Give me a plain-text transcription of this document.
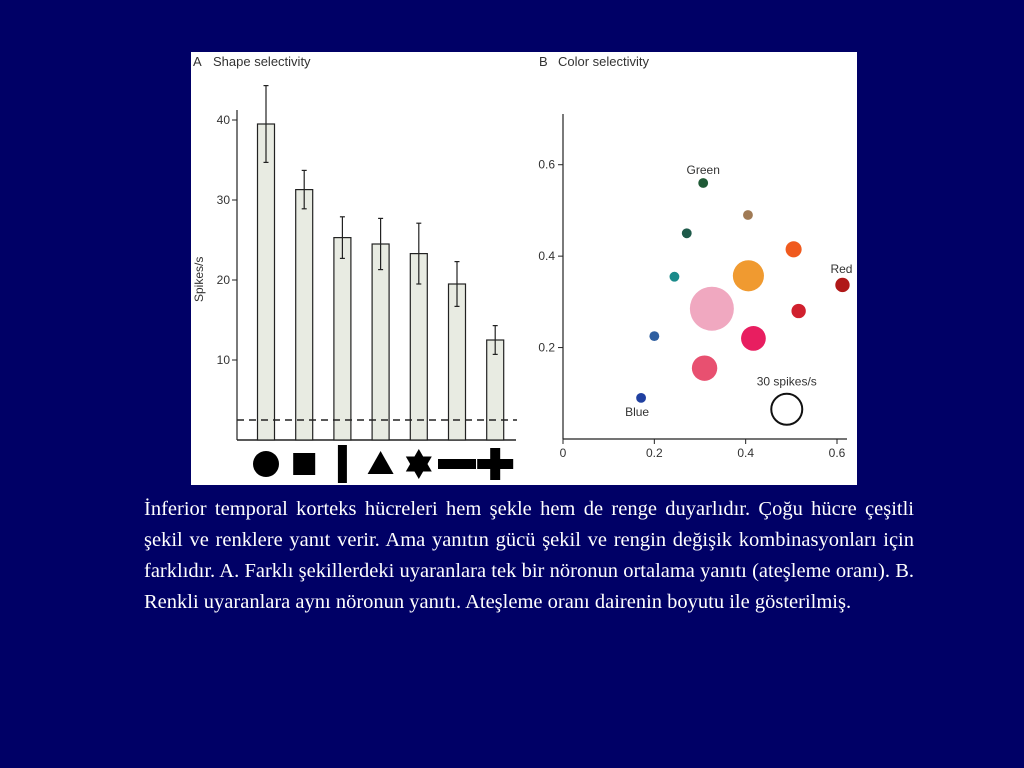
A Shape selectivity
Spikes/s
10
20
30
40
B Color selectivity
0	0.2	0.4	0.6
0.2
0.4
0.6	Green
Red
Blue
30 spikes/s
İnferior temporal korteks hücreleri hem şekle hem de renge duyarlıdır. Çoğu hücre çeşitli şekil ve renklere yanıt verir. Ama yanıtın gücü şekil ve rengin değişik kombinasyonları için farklıdır. A. Farklı şekillerdeki uyaranlara tek bir nöronun ortalama yanıtı (ateşleme oranı). B. Renkli uyaranlara aynı nöronun yanıtı. Ateşleme oranı dairenin boyutu ile gösterilmiş.
